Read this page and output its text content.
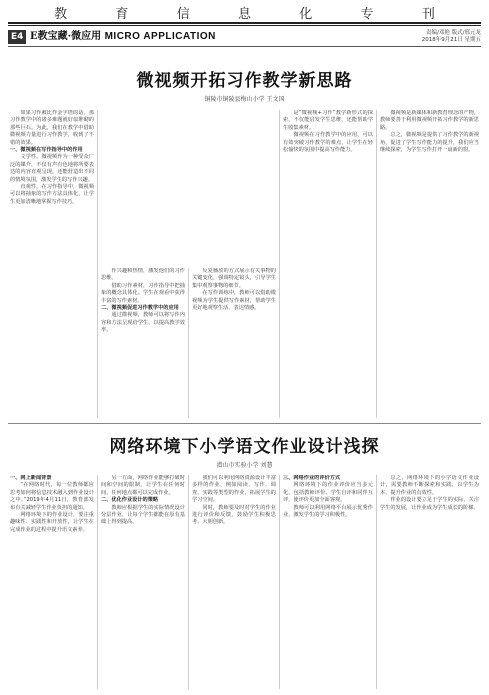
教	育	信	息	化	专	刊
E4 E教宝藏·微应用 MICRO APPLICATION	责编/邓艳 版式/邢元龙
2018年9月21日 星期五
微视频开拓习作教学新思路
铜陵市铜陵县梅山小学 王文国

如果习作被比作金字塔的话，那习作教学中的诸多难题就好似堆砌的那些巨石。为此，我们在教学中借助微视频力量进行习作教学，收到了不错的效果。

一、微视频在写作指导中的作用

文学性。微视频作为一种受众广泛的媒介，不仅有声有色地将所要表达的内容直观呈现，还能营造出不同的情境氛围，激发学生的写作兴趣。

直观性。在习作指导中，微视频可以将抽象的写作方法具体化，让学生更加清晰地掌握写作技巧。

作兴趣和热情，激发他们的习作思维。

借助习作素材，习作指导中把抽象的概念具体化。学生在观看中获得丰富的写作素材。

二、微视频促进习作教学中的应用

通过微视频，教师可以将写作内容和方法呈现给学生，以提高教学效率。

反复播放的方式展示有关事物的关键变化，强调特定镜头，引导学生集中观察事物的细节。

在写作训练中，教师可以借助微视频为学生提供写作素材，帮助学生更好地观察生活、表达情感。

是“微视频+习作”教学新形式的探索，不仅能启发学生思维，还能帮助学生收集素材。

微视频在习作教学中的应用，可以有效突破习作教学的难点，让学生在轻松愉快的氛围中提高写作能力。

微视频是新媒体和新教育理念的产物，教师要善于利用微视频开拓习作教学的新思路。

总之，微视频是提供了习作教学的新视角，促进了学生写作能力的提升，我们应当继续探索，为学生写作打开一扇新的窗。

网络环境下小学语文作业设计浅探
潜山市实验小学 刘慧

一、网上新闻背景

“在网络时代，每一位教师都应思考如何将信息技术融入到作业设计之中。”2019年4月11日，教育部发布有关减轻学生作业负担的通知。

网络环境下的作业设计，要注重趣味性、实践性和开放性，让学生在完成作业的过程中提升语文素养。

另一方面，网络作业能够打破时间和空间的限制，让学生在任何时间、任何地点都可以完成作业。

二、优化作业设计的策略

教师应根据学生的实际情况设计分层作业，让每个学生都能在原有基础上得到提高。

我们可以利用网络资源设计丰富多样的作业，例如阅读、写作、调查、实践等类型的作业，拓展学生的学习空间。

同时，教师要及时对学生的作业进行评价和反馈，鼓励学生积极思考、大胆创新。

三、网络作业的评价方式

网络环境下的作业评价应当多元化，包括教师评价、学生自评和同伴互评，使评价更加全面客观。

教师可以利用网络平台展示优秀作业，激发学生的学习积极性。

总之，网络环境下的小学语文作业设计，需要教师不断探索和实践，以学生为本，提升作业的有效性。

作业的设计要立足于学生的实际，关注学生的发展，让作业成为学生成长的阶梯。
